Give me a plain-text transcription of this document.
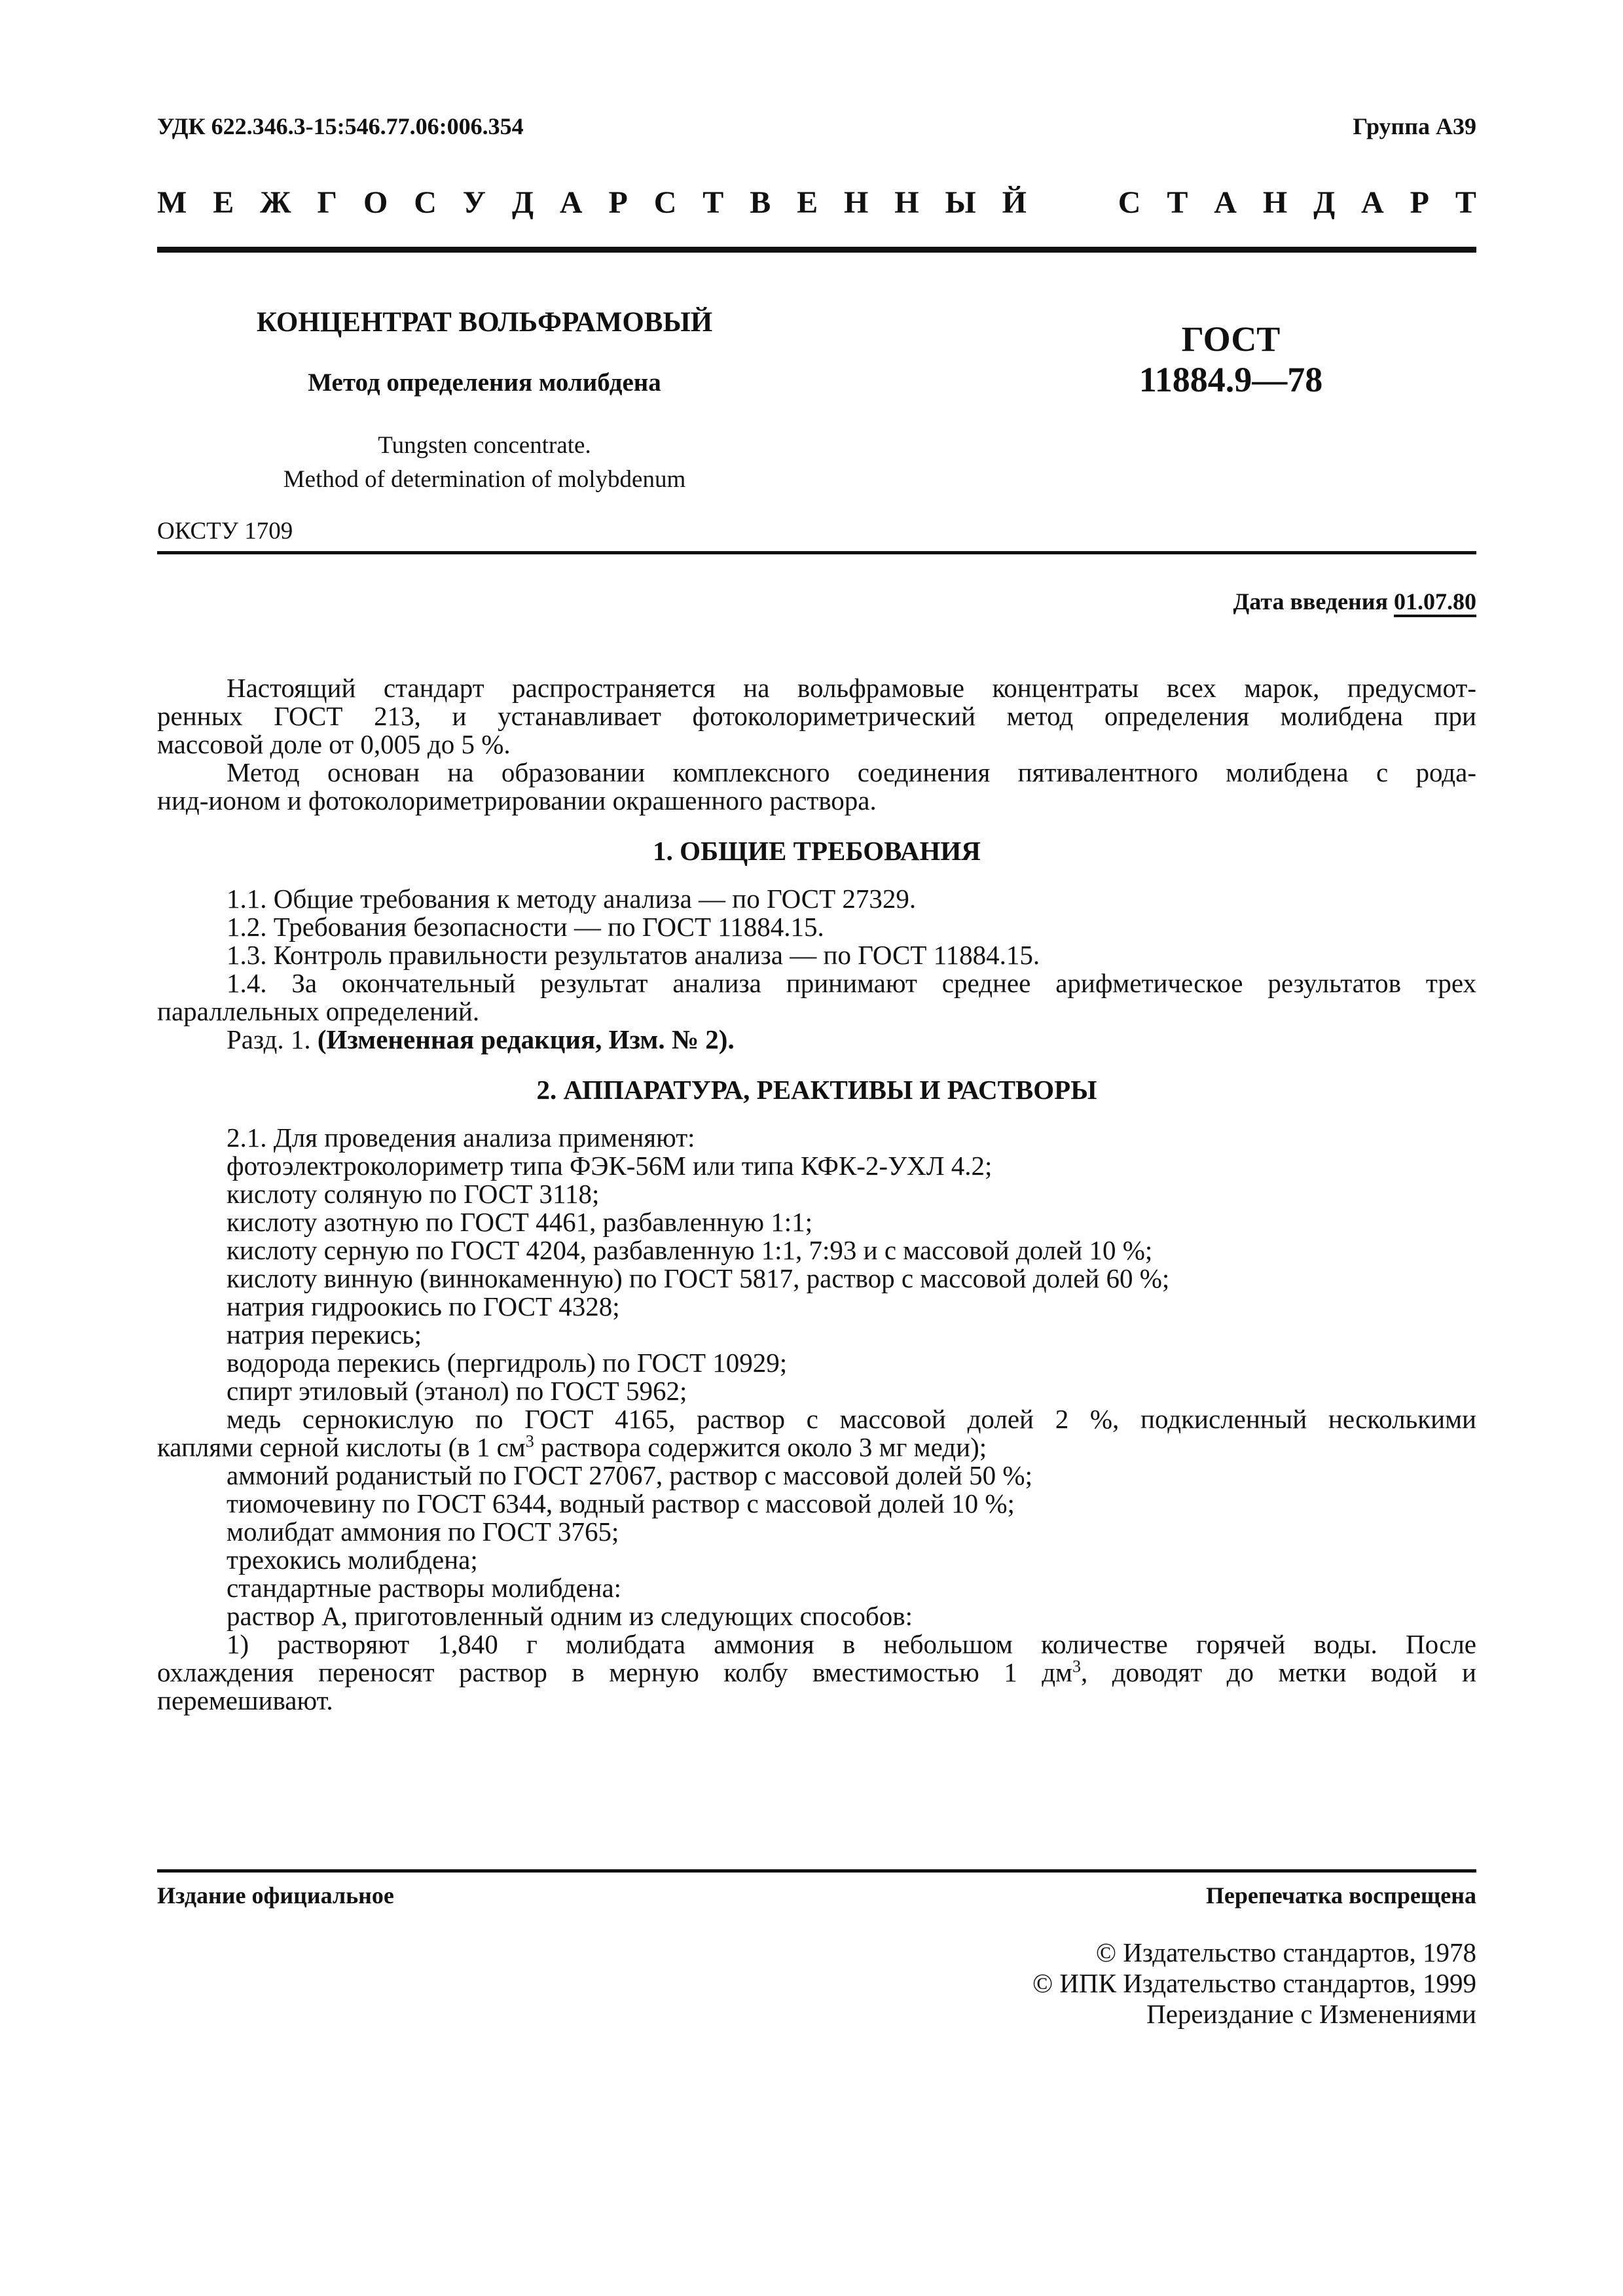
УДК 622.346.3-15:546.77.06:006.354	Группа А39
М Е Ж Г О С У Д А Р С Т В Е Н Н Ы Й	С Т А Н Д А Р Т
КОНЦЕНТРАТ ВОЛЬФРАМОВЫЙ
Метод определения молибдена
Tungsten concentrate.
Method of determination of molybdenum
ГОСТ
11884.9—78
ОКСТУ 1709
Дата введения 01.07.80

Настоящий стандарт распространяется на вольфрамовые концентраты всех марок, предусмот-

ренных ГОСТ 213, и устанавливает фотоколориметрический метод определения молибдена при

массовой доле от 0,005 до 5 %.

Метод основан на образовании комплексного соединения пятивалентного молибдена с рода-

нид-ионом и фотоколориметрировании окрашенного раствора.

1. ОБЩИЕ ТРЕБОВАНИЯ

1.1. Общие требования к методу анализа — по ГОСТ 27329.

1.2. Требования безопасности — по ГОСТ 11884.15.

1.3. Контроль правильности результатов анализа — по ГОСТ 11884.15.

1.4. За окончательный результат анализа принимают среднее арифметическое результатов трех

параллельных определений.

Разд. 1. (Измененная редакция, Изм. № 2).

2. АППАРАТУРА, РЕАКТИВЫ И РАСТВОРЫ

2.1. Для проведения анализа применяют:

фотоэлектроколориметр типа ФЭК-56М или типа КФК-2-УХЛ 4.2;

кислоту соляную по ГОСТ 3118;

кислоту азотную по ГОСТ 4461, разбавленную 1:1;

кислоту серную по ГОСТ 4204, разбавленную 1:1, 7:93 и с массовой долей 10 %;

кислоту винную (виннокаменную) по ГОСТ 5817, раствор с массовой долей 60 %;

натрия гидроокись по ГОСТ 4328;

натрия перекись;

водорода перекись (пергидроль) по ГОСТ 10929;

спирт этиловый (этанол) по ГОСТ 5962;

медь сернокислую по ГОСТ 4165, раствор с массовой долей 2 %, подкисленный несколькими

каплями серной кислоты (в 1 $см^3$ раствора содержится около 3 мг меди);

аммоний роданистый по ГОСТ 27067, раствор с массовой долей 50 %;

тиомочевину по ГОСТ 6344, водный раствор с массовой долей 10 %;

молибдат аммония по ГОСТ 3765;

трехокись молибдена;

стандартные растворы молибдена:

раствор А, приготовленный одним из следующих способов:

1) растворяют 1,840 г молибдата аммония в небольшом количестве горячей воды. После

охлаждения переносят раствор в мерную колбу вместимостью 1 $дм^3$, доводят до метки водой и

перемешивают.

Издание официальное	Перепечатка воспрещена
© Издательство стандартов, 1978
© ИПК Издательство стандартов, 1999
Переиздание с Изменениями
